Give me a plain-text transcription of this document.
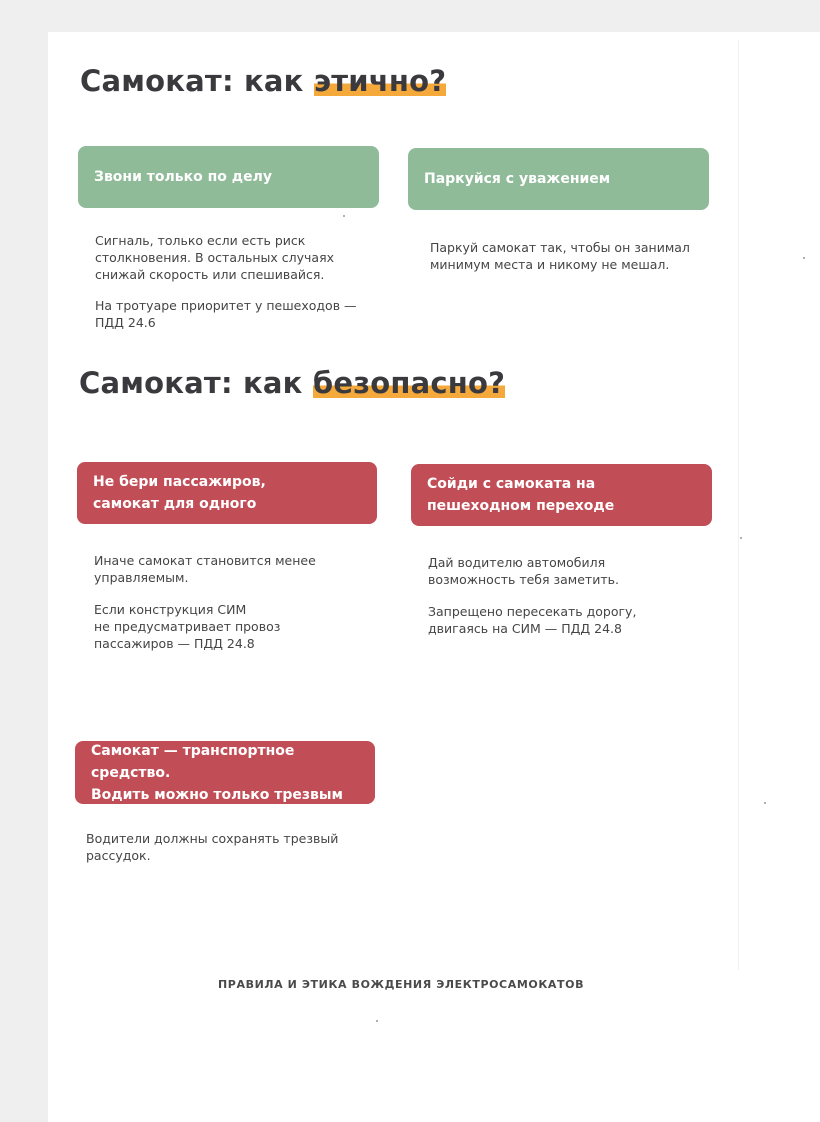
Самокат: как этично?
Звони только по делу

Сигналь, только если есть риск
столкновения. В остальных случаях
снижай скорость или спешивайся.

На тротуаре приоритет у пешеходов —
ПДД 24.6

Паркуйся с уважением

Паркуй самокат так, чтобы он занимал
минимум места и никому не мешал.

Самокат: как безопасно?
Не бери пассажиров,
самокат для одного

Иначе самокат становится менее
управляемым.

Если конструкция СИМ
не предусматривает провоз
пассажиров — ПДД 24.8

Сойди с самоката на
пешеходном переходе

Дай водителю автомобиля
возможность тебя заметить.

Запрещено пересекать дорогу,
двигаясь на СИМ — ПДД 24.8

Самокат — транспортное средство.
Водить можно только трезвым

Водители должны сохранять трезвый
рассудок.

ПРАВИЛА И ЭТИКА ВОЖДЕНИЯ ЭЛЕКТРОСАМОКАТОВ
